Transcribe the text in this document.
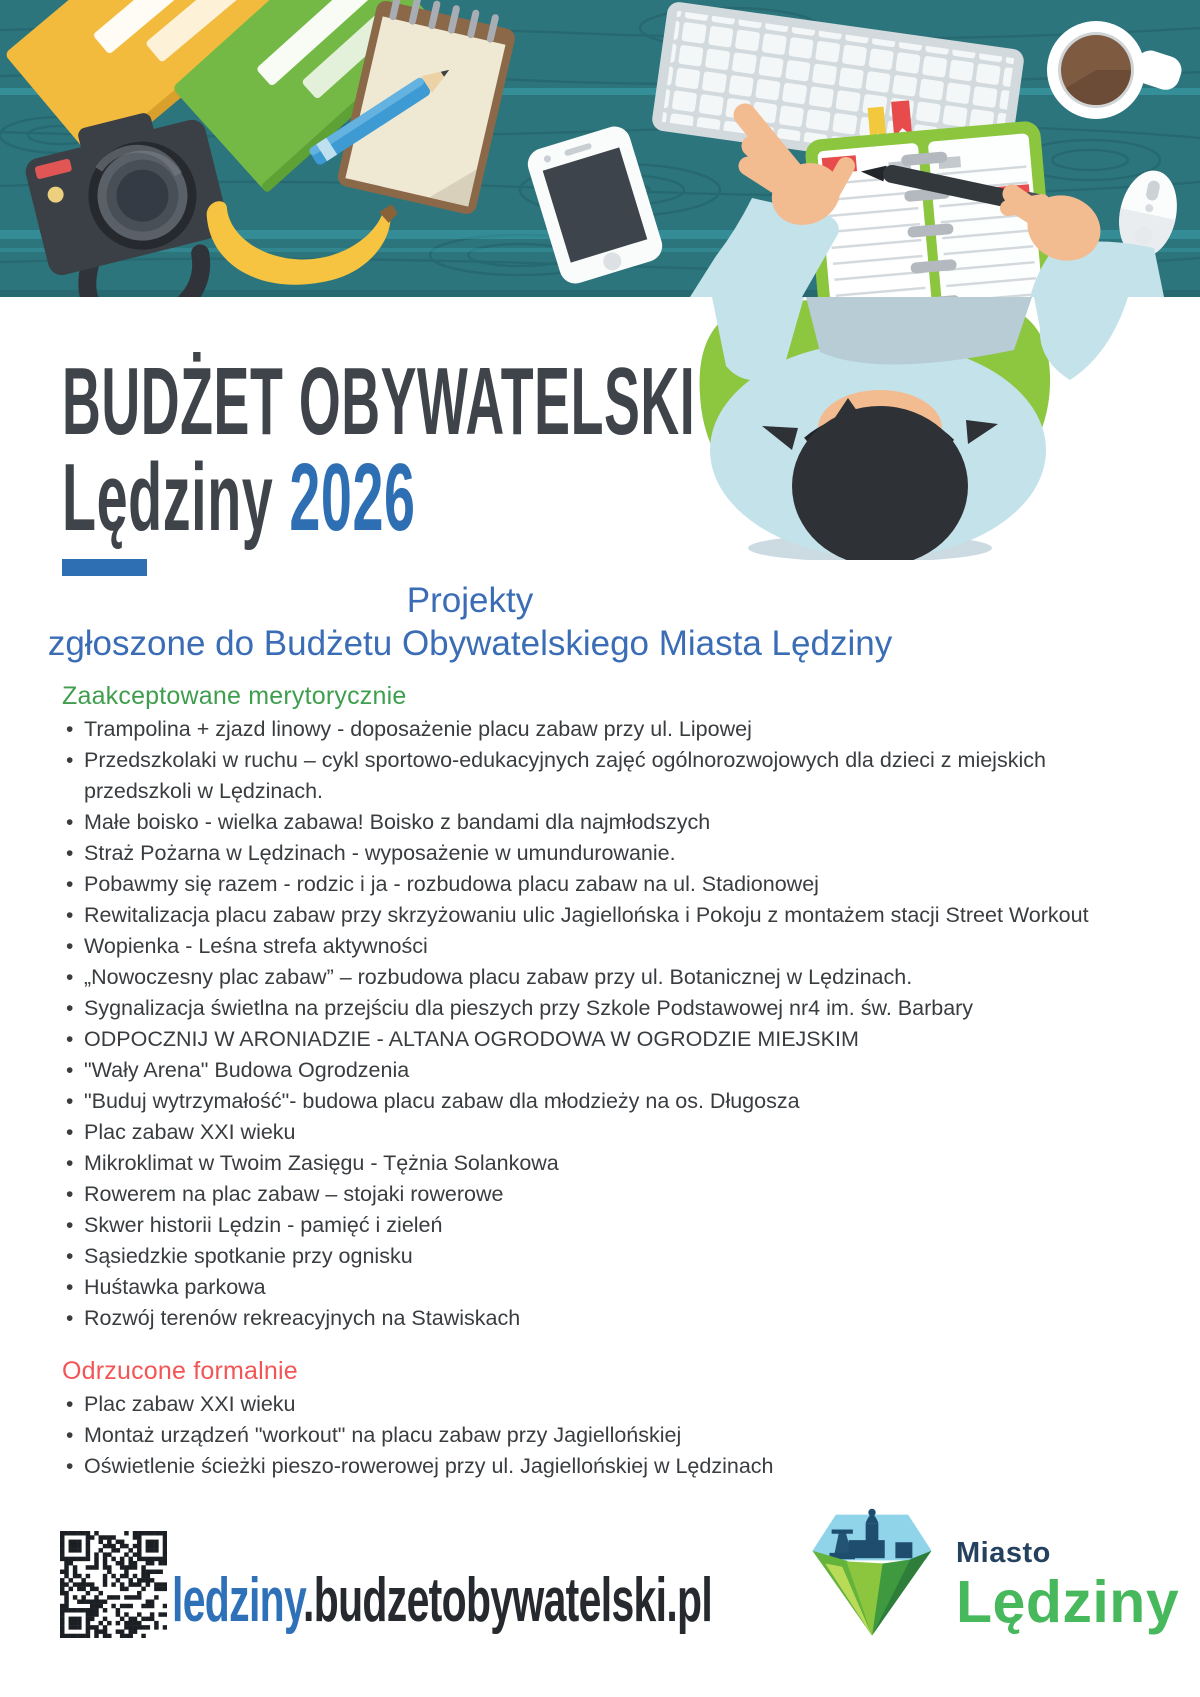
BUDŻET OBYWATELSKI
Lędziny 2026
Projekty
zgłoszone do Budżetu Obywatelskiego Miasta Lędziny
Zaakceptowane merytorycznie
• Trampolina + zjazd linowy - doposażenie placu zabaw przy ul. Lipowej
• Przedszkolaki w ruchu – cykl sportowo-edukacyjnych zajęć ogólnorozwojowych dla dzieci z miejskich przedszkoli w Lędzinach.
• Małe boisko - wielka zabawa! Boisko z bandami dla najmłodszych
• Straż Pożarna w Lędzinach - wyposażenie w umundurowanie.
• Pobawmy się razem - rodzic i ja - rozbudowa placu zabaw na ul. Stadionowej
• Rewitalizacja placu zabaw przy skrzyżowaniu ulic Jagiellońska i Pokoju z montażem stacji Street Workout
• Wopienka - Leśna strefa aktywności
• „Nowoczesny plac zabaw” – rozbudowa placu zabaw przy ul. Botanicznej w Lędzinach.
• Sygnalizacja świetlna na przejściu dla pieszych przy Szkole Podstawowej nr4 im. św. Barbary
• ODPOCZNIJ W ARONIADZIE - ALTANA OGRODOWA W OGRODZIE MIEJSKIM
• "Wały Arena" Budowa Ogrodzenia
• "Buduj wytrzymałość"- budowa placu zabaw dla młodzieży na os. Długosza
• Plac zabaw XXI wieku
• Mikroklimat w Twoim Zasięgu - Tężnia Solankowa
• Rowerem na plac zabaw – stojaki rowerowe
• Skwer historii Lędzin - pamięć i zieleń
• Sąsiedzkie spotkanie przy ognisku
• Huśtawka parkowa
• Rozwój terenów rekreacyjnych na Stawiskach
Odrzucone formalnie
• Plac zabaw XXI wieku
• Montaż urządzeń "workout" na placu zabaw przy Jagiellońskiej
• Oświetlenie ścieżki pieszo-rowerowej przy ul. Jagiellońskiej w Lędzinach
ledziny.budzetobywatelski.pl
Miasto
Lędziny
